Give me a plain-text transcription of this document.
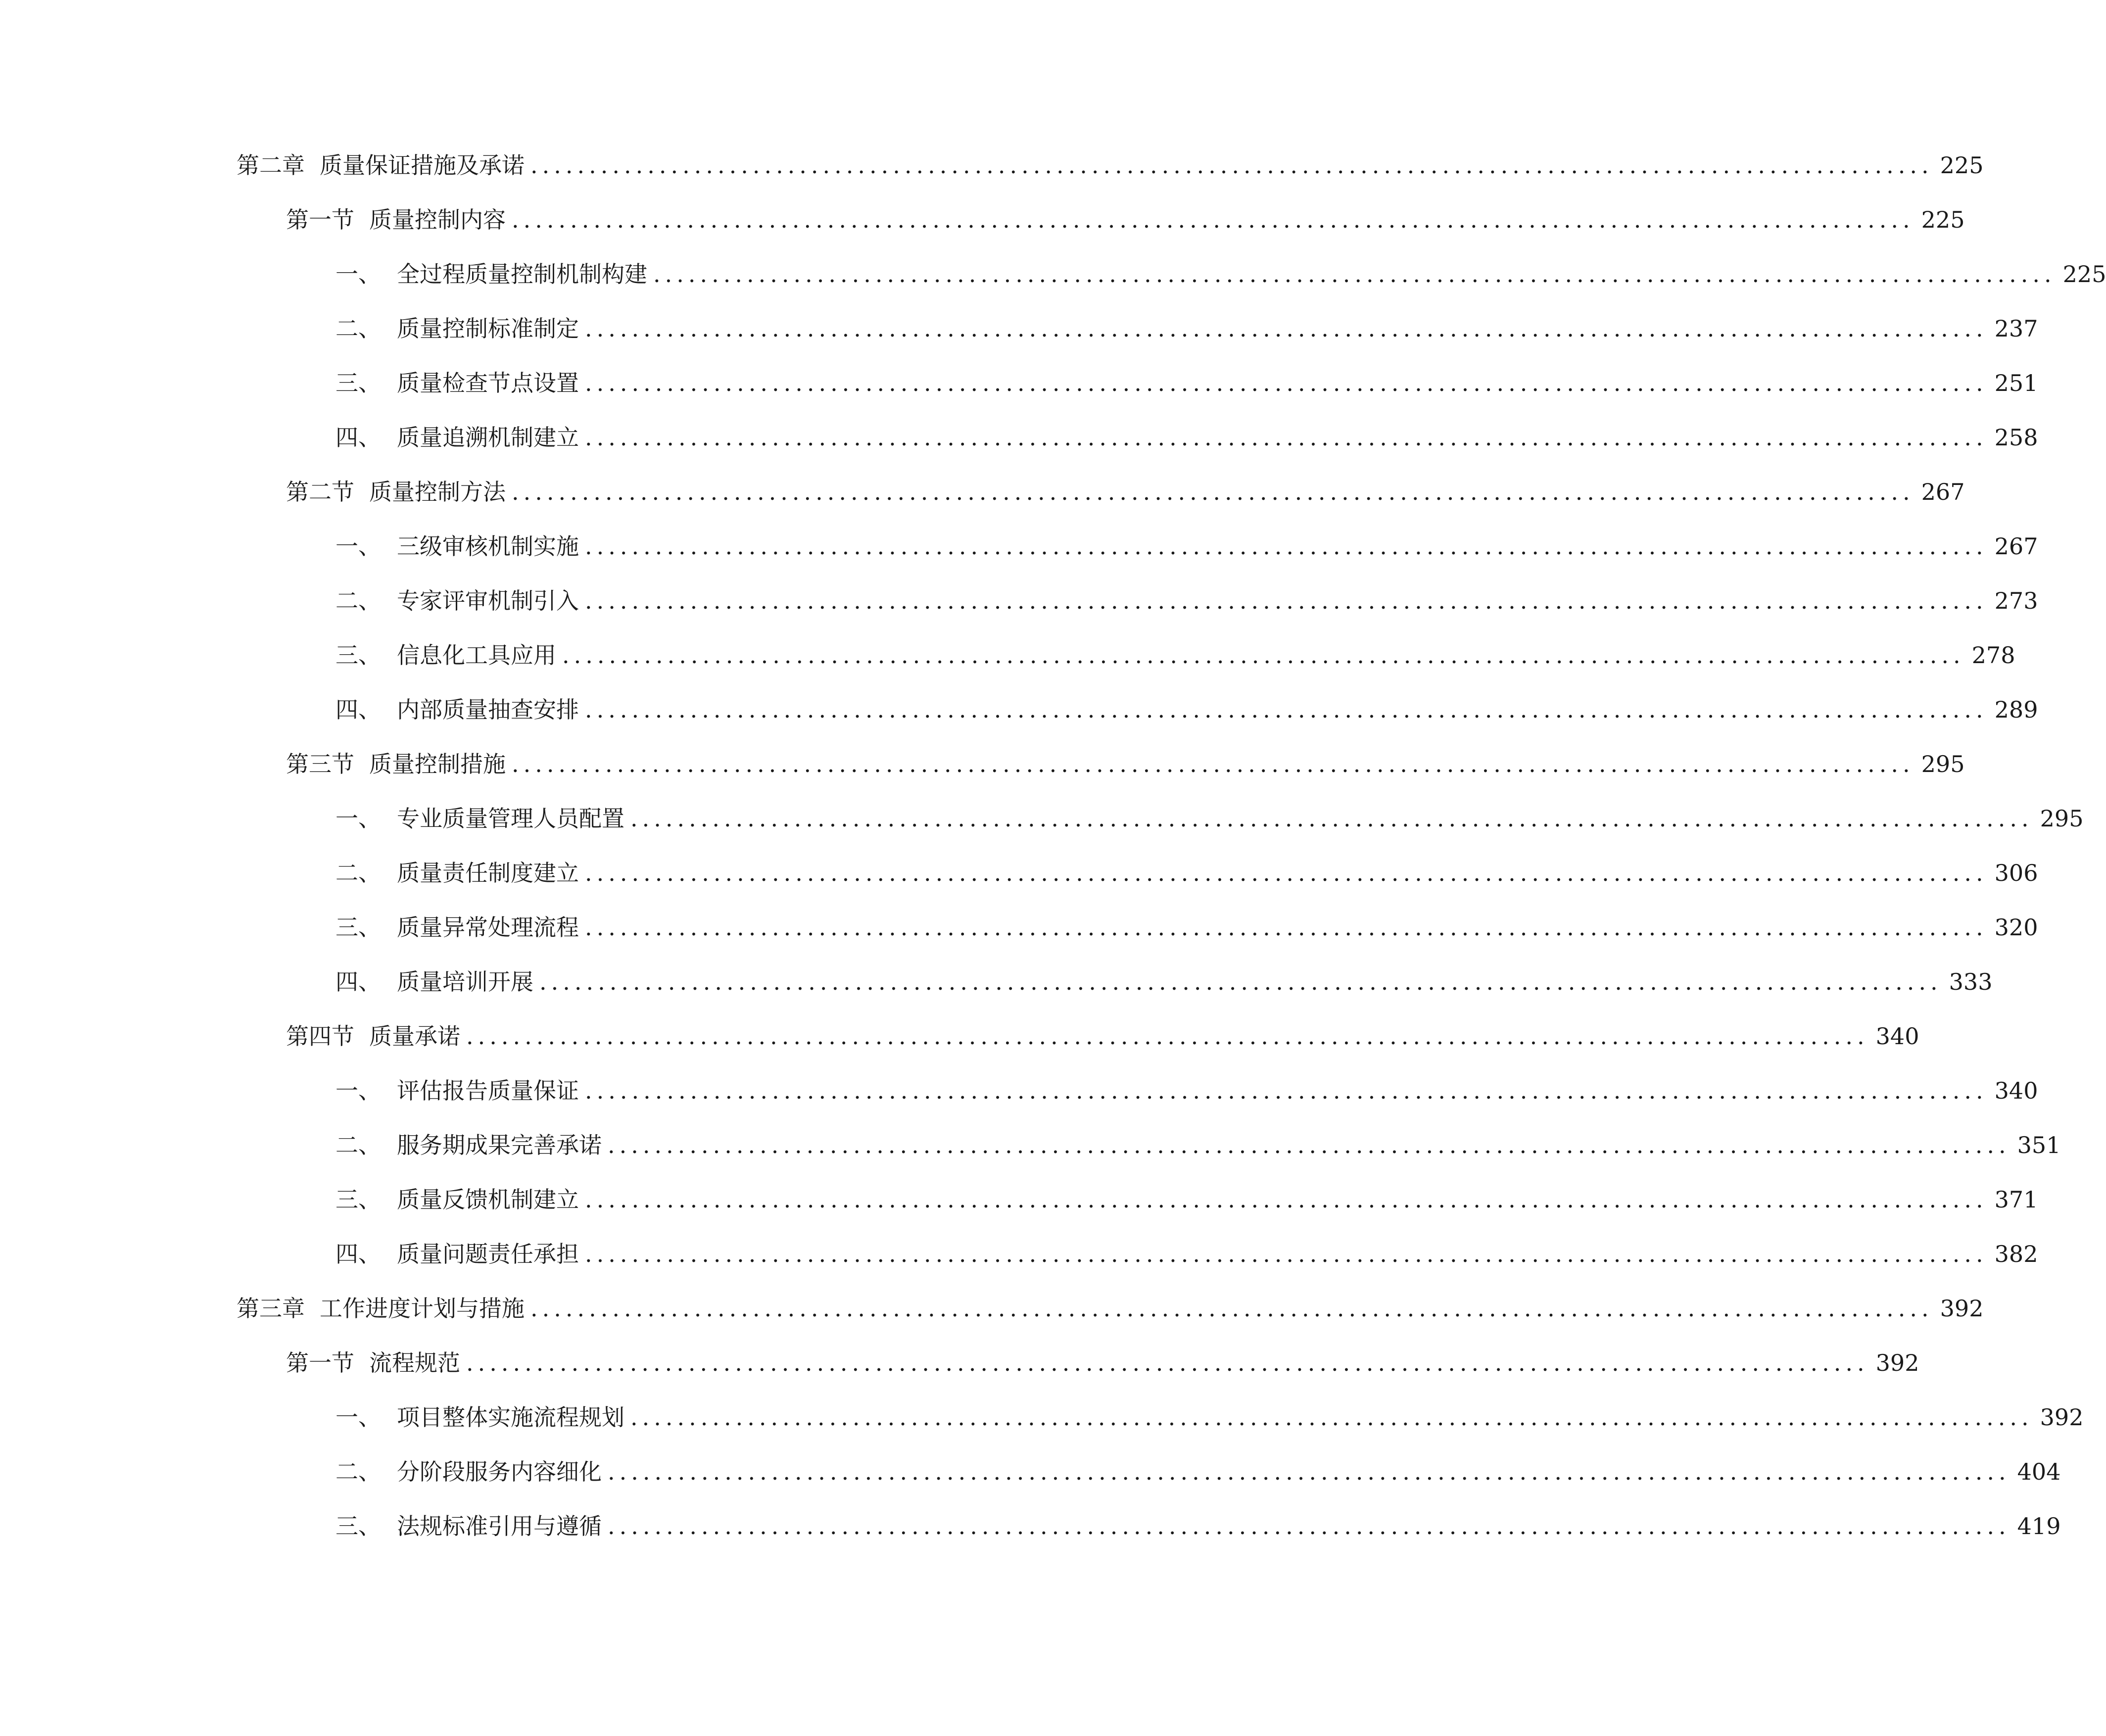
第二章 质量保证措施及承诺 ........................................................................................................................ 225
第一节 质量控制内容 ........................................................................................................................ 225
一、 全过程质量控制机制构建 ........................................................................................................................ 225
二、 质量控制标准制定 ........................................................................................................................ 237
三、 质量检查节点设置 ........................................................................................................................ 251
四、 质量追溯机制建立 ........................................................................................................................ 258
第二节 质量控制方法 ........................................................................................................................ 267
一、 三级审核机制实施 ........................................................................................................................ 267
二、 专家评审机制引入 ........................................................................................................................ 273
三、 信息化工具应用 ........................................................................................................................ 278
四、 内部质量抽查安排 ........................................................................................................................ 289
第三节 质量控制措施 ........................................................................................................................ 295
一、 专业质量管理人员配置 ........................................................................................................................ 295
二、 质量责任制度建立 ........................................................................................................................ 306
三、 质量异常处理流程 ........................................................................................................................ 320
四、 质量培训开展 ........................................................................................................................ 333
第四节 质量承诺 ........................................................................................................................ 340
一、 评估报告质量保证 ........................................................................................................................ 340
二、 服务期成果完善承诺 ........................................................................................................................ 351
三、 质量反馈机制建立 ........................................................................................................................ 371
四、 质量问题责任承担 ........................................................................................................................ 382
第三章 工作进度计划与措施 ........................................................................................................................ 392
第一节 流程规范 ........................................................................................................................ 392
一、 项目整体实施流程规划 ........................................................................................................................ 392
二、 分阶段服务内容细化 ........................................................................................................................ 404
三、 法规标准引用与遵循 ........................................................................................................................ 419
